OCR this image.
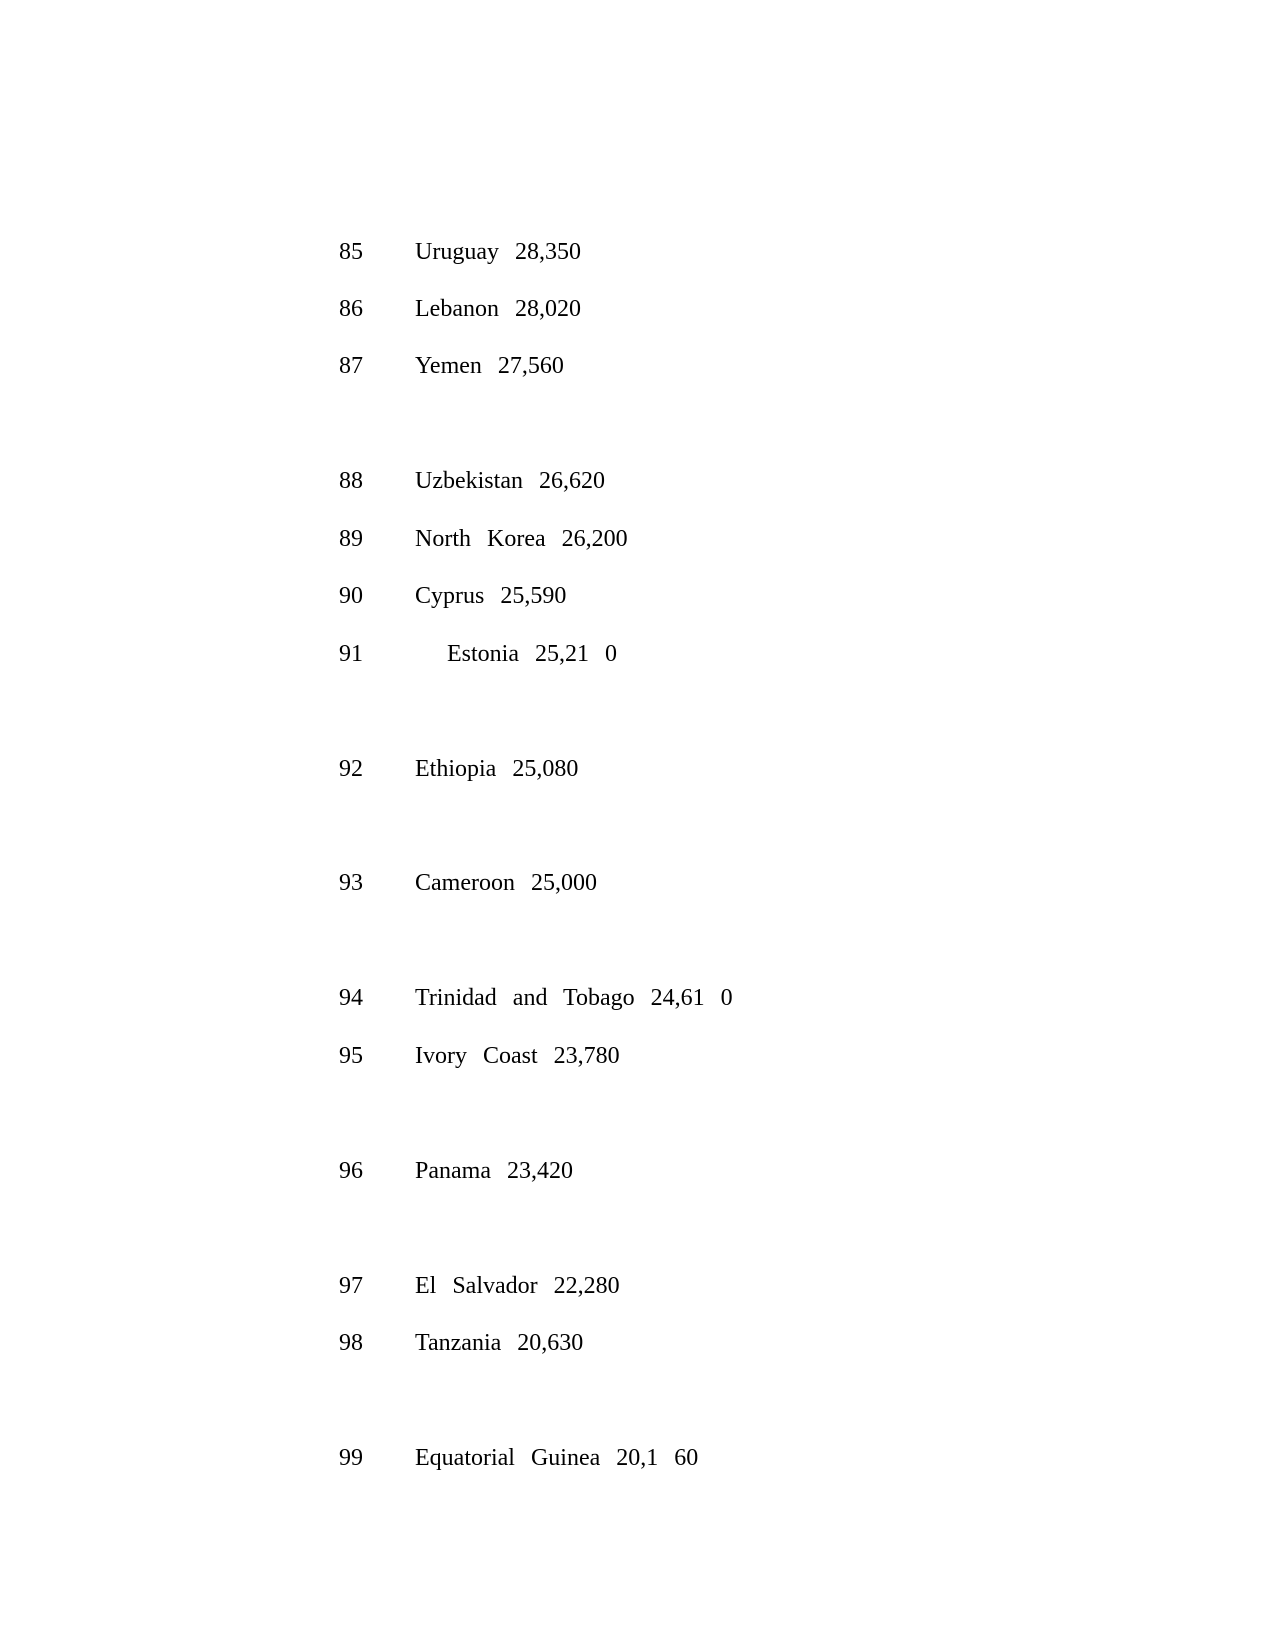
85

Uruguay 28,350

86

Lebanon 28,020

87

Yemen 27,560

88

Uzbekistan 26,620

89

North Korea 26,200

90

Cyprus 25,590

91

Estonia 25,21 0

92

Ethiopia 25,080

93

Cameroon 25,000

94

Trinidad and Tobago 24,61 0

95

Ivory Coast 23,780

96

Panama 23,420

97

El Salvador 22,280

98

Tanzania 20,630

99

Equatorial Guinea 20,1 60
